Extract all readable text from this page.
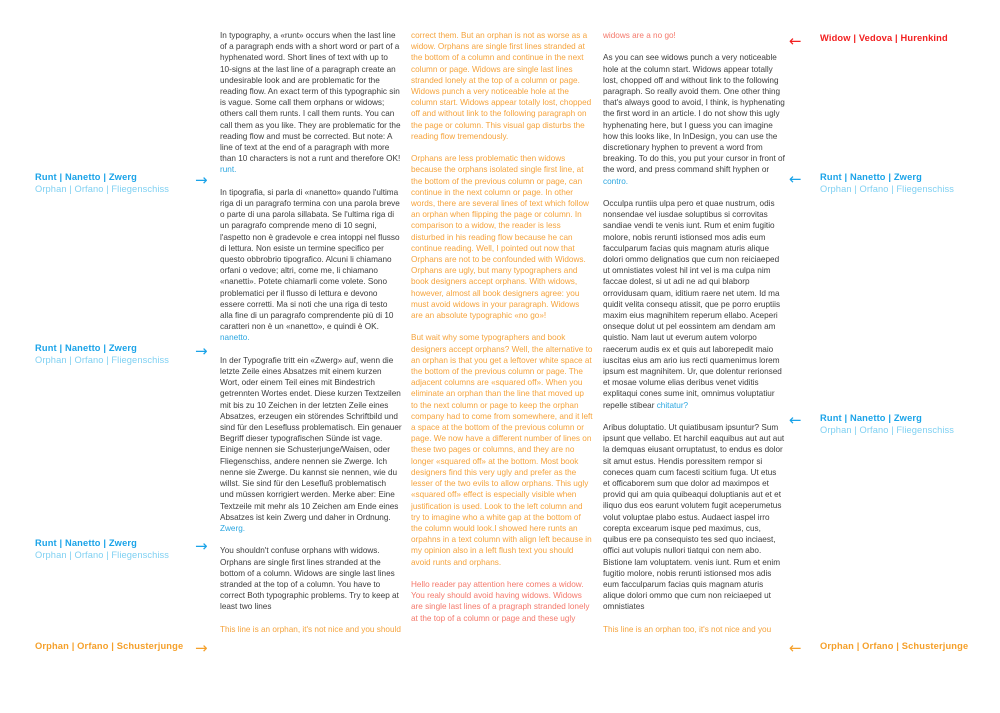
In typography, a «runt» occurs when the last line of a paragraph ends with a short word or part of a hyphenated word. Short lines of text with up to 10-signs at the last line of a paragraph create an undesirable look and are problematic for the reading flow. An exact term of this typographic sin is vague. Some call them orphans or widows; others call them runts. I call them runts. You can call them as you like. They are problematic for the reading flow and must be corrected. But note: A line of text at the end of a paragraph with more than 10 characters is not a runt and therefore OK! runt.

In tipografia, si parla di «nanetto» quando l'ultima riga di un paragrafo termina con una parola breve o parte di una parola sillabata. Se l'ultima riga di un paragrafo comprende meno di 10 segni, l'aspetto non è gradevole e crea intoppi nel flusso di lettura. Non esiste un termine specifico per questo obbrobrio tipografico. Alcuni li chiamano orfani o vedove; altri, come me, li chiamano «nanetti». Potete chiamarli come volete. Sono problematici per il flusso di lettura e devono essere corretti. Ma si noti che una riga di testo alla fine di un paragrafo comprendente più di 10 caratteri non è un «nanetto», e quindi è OK. nanetto.

In der Typografie tritt ein «Zwerg» auf, wenn die letzte Zeile eines Absatzes mit einem kurzen Wort, oder einem Teil eines mit Bindestrich getrennten Wortes endet. Diese kurzen Textzeilen mit bis zu 10 Zeichen in der letzten Zeile eines Absatzes, erzeugen ein störendes Schriftbild und sind für den Lesefluss problematisch. Ein genauer Begriff dieser typografischen Sünde ist vage. Einige nennen sie Schusterjunge/Waisen, oder Fliegenschiss, andere nennen sie Zwerge. Ich nenne sie Zwerge. Du kannst sie nennen, wie du willst. Sie sind für den Lesefluß problematisch und müssen korrigiert werden. Merke aber: Eine Textzeile mit mehr als 10 Zeichen am Ende eines Absatzes ist kein Zwerg und daher in Ordnung. Zwerg.

You shouldn't confuse orphans with widows. Orphans are single first lines stranded at the bottom of a column. Widows are single last lines stranded at the top of a column. You have to correct Both typographic problems. Try to keep at least two lines

This line is an orphan, it's not nice and you should

correct them. But an orphan is not as worse as a widow. Orphans are single first lines stranded at the bottom of a column and continue in the next column or page. Widows are single last lines stranded lonely at the top of a column or page. Widows punch a very noticeable hole at the column start. Widows appear totally lost, chopped off and without link to the following paragraph on the page or column. This visual gap disturbs the reading flow tremendously.

Orphans are less problematic then widows because the orphans isolated single first line, at the bottom of the previous column or page, can continue in the next column or page. In other words, there are several lines of text which follow an orphan when flipping the page or column. In comparison to a widow, the reader is less disturbed in his reading flow because he can continue reading. Well, I pointed out now that Orphans are not to be confounded with Widows. Orphans are ugly, but many typographers and book designers accept orphans. With widows, however, almost all book designers agree: you must avoid widows in your paragraph. Widows are an absolute typographic «no go»!

But wait why some typographers and book designers accept orphans? Well, the alternative to an orphan is that you get a leftover white space at the bottom of the previous column or page. The adjacent columns are «squared off». When you eliminate an orphan than the line that moved up to the next column or page to keep the orphan company had to come from somewhere, and it left a space at the bottom of the previous column or page. We now have a different number of lines on these two pages or columns, and they are no longer «squared off» at the bottom. Most book designers find this very ugly and prefer as the lesser of the two evils to allow orphans. This ugly «squared off» effect is especially visible when justification is used. Look to the left column and try to imagine who a white gap at the bottom of the column would look.I showed here runts an orpahns in a text column with align left because in my opinion also in a left flush text you should avoid runts and orphans.

Hello reader pay attention here comes a widow. You realy should avoid having widows. Widows are single last lines of a pragraph stranded lonely at the top of a column or page and these ugly

widows are a no go!

As you can see widows punch a very noticeable hole at the column start. Widows appear totally lost, chopped off and without link to the following paragraph. So really avoid them. One other thing that's always good to avoid, I think, is hyphenating the first word in an article. I do not show this ugly hyphenating here, but I guess you can imagine how this looks like, In InDesign, you can use the discretionary hyphen to prevent a word from breaking. To do this, you put your cursor in front of the word, and press command shift hyphen or contro.

Occulpa runtiis ulpa pero et quae nustrum, odis nonsendae vel iusdae soluptibus si corrovitas sandiae vendi te venis iunt. Rum et enim fugitio molore, nobis rerunti istionsed mos adis eum facculparum facias quis magnam aturis alique dolori ommo delignatios que cum non reiciaeped ut omnistiates volest hil int vel is ma culpa nim faccae dolest, si ut adi ne ad qui blaborp orrovidusam quam, iditium raere net utem. Id ma quidit velita consequ atissit, que pe porro eruptiis maxim eius magnihitem reperum ellabo. Aceperi onseque dolut ut pel eossintem am dendam am quistio. Nam laut ut everum autem volorpo raecerum audis ex et quis aut laborepedit maio iuscitas eius am ario ius recti quamenimus lorem ipsum est magnihitem. Ur, que dolentur rerionsed et mosae volume elias deribus venet viditis explitaqui cones sume init, omnimus voluptatiur repelle stibear chitatur?

Aribus doluptatio. Ut quiatibusam ipsuntur? Sum ipsunt que vellabo. Et harchil eaquibus aut aut aut la demquas eiusant orruptatust, to endus es dolor sit amut estus. Hendis poressitem rempor si coneces quam cum facesti scitium fuga. Ut etus et officaborem sum que dolor ad maximpos et provid qui am quia quibeaqui doluptianis aut et et iliquo dus eos earunt volutem fugit aceperumetus volut voluptae plabo estus. Audaect iaspel irro corepta excearum isque ped maximus, cus, quibus ere pa consequisto tes sed quo inciaest, offici aut volupis nullori tiatqui con nem abo. Bistione lam voluptatem. venis iunt. Rum et enim fugitio molore, nobis rerunti istionsed mos adis eum facculparum facias quis magnam aturis alique dolori ommo que cum non reiciaeped ut omnistiates

This line is an orphan too, it's not nice and you

Runt | Nanetto | Zwerg
Orphan | Orfano | Fliegenschiss →
Runt | Nanetto | Zwerg
Orphan | Orfano | Fliegenschiss →
Runt | Nanetto | Zwerg
Orphan | Orfano | Fliegenschiss →
Orphan | Orfano | Schusterjunge →
← Widow | Vedova | Hurenkind
← Runt | Nanetto | Zwerg
Orphan | Orfano | Fliegenschiss
← Runt | Nanetto | Zwerg
Orphan | Orfano | Fliegenschiss
← Orphan | Orfano | Schusterjunge
